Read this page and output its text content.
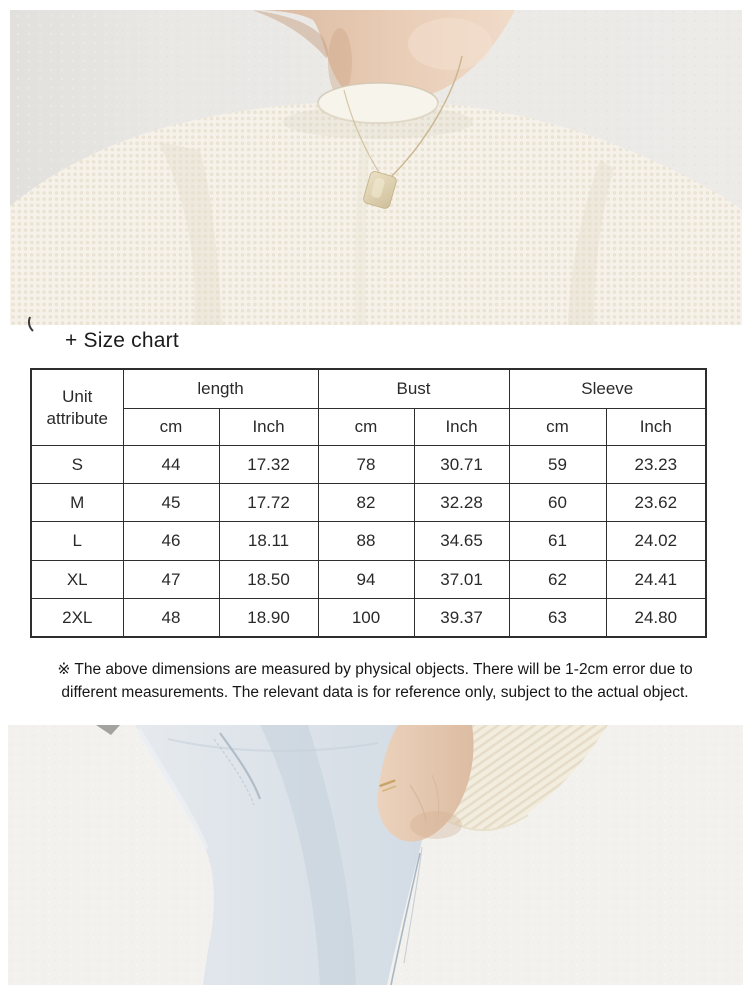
+ Size chart
Unit attribute	length		Bust		Sleeve	
	cm	Inch	cm	Inch	cm	Inch
S	44	17.32	78	30.71	59	23.23
M	45	17.72	82	32.28	60	23.62
L	46	18.11	88	34.65	61	24.02
XL	47	18.50	94	37.01	62	24.41
2XL	48	18.90	100	39.37	63	24.80
※ The above dimensions are measured by physical objects. There will be 1-2cm error due to
different measurements. The relevant data is for reference only, subject to the actual object.
